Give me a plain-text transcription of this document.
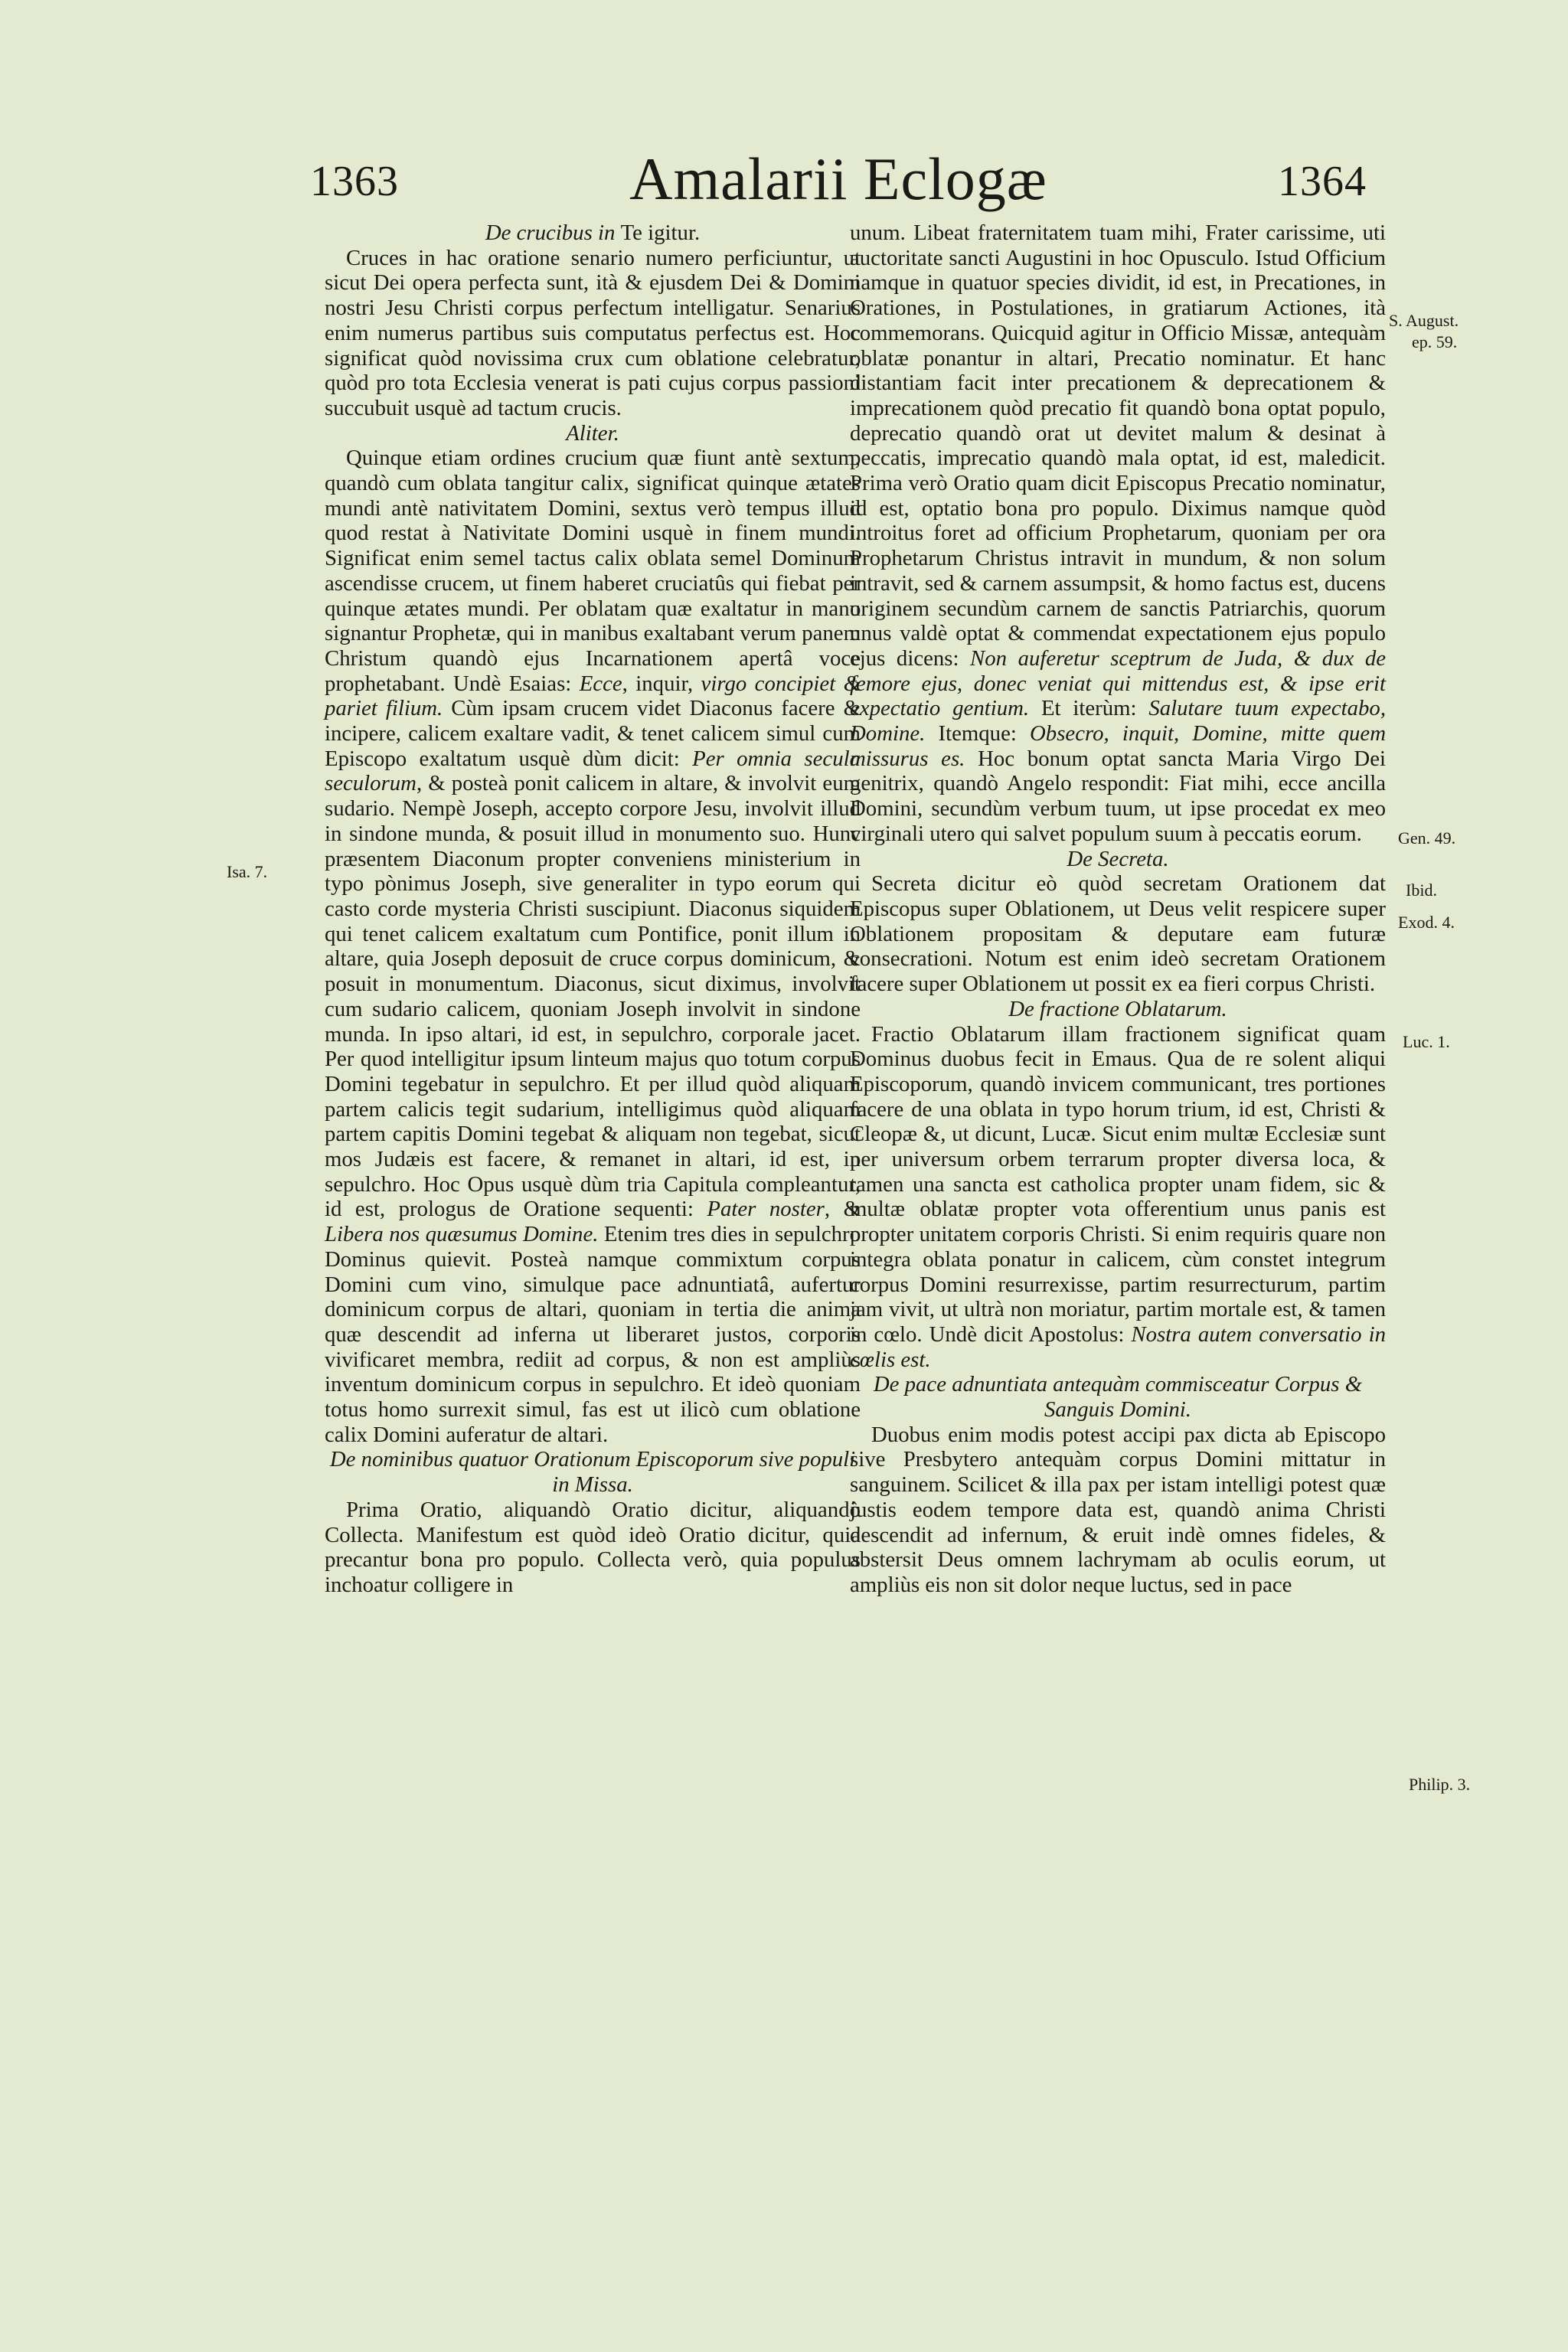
1363	Amalarii Eclogæ	1364
De crucibus in Te igitur.

Cruces in hac oratione senario numero perficiuntur, ut sicut Dei opera perfecta sunt, ità & ejusdem Dei & Domini nostri Jesu Christi corpus perfectum intelligatur. Senarius enim numerus partibus suis computatus perfectus est. Hoc significat quòd novissima crux cum oblatione celebratur, quòd pro tota Ecclesia venerat is pati cujus corpus passioni succubuit usquè ad tactum crucis.

Aliter.

Quinque etiam ordines crucium quæ fiunt antè sextum, quandò cum oblata tangitur calix, significat quinque ætates mundi antè nativitatem Domini, sextus verò tempus illud quod restat à Nativitate Domini usquè in finem mundi. Significat enim semel tactus calix oblata semel Dominum ascendisse crucem, ut finem haberet cruciatûs qui fiebat per quinque ætates mundi. Per oblatam quæ exaltatur in manu signantur Prophetæ, qui in manibus exaltabant verum panem Christum quandò ejus Incarnationem apertâ voce prophetabant. Undè Esaias: Ecce, inquir, virgo concipiet & pariet filium. Cùm ipsam crucem videt Diaconus facere & incipere, calicem exaltare vadit, & tenet calicem simul cum Episcopo exaltatum usquè dùm dicit: Per omnia secula seculorum, & posteà ponit calicem in altare, & involvit eum sudario. Nempè Joseph, accepto corpore Jesu, involvit illud in sindone munda, & posuit illud in monumento suo. Hunc præsentem Diaconum propter conveniens ministerium in typo pònimus Joseph, sive generaliter in typo eorum qui casto corde mysteria Christi suscipiunt. Diaconus siquidem qui tenet calicem exaltatum cum Pontifice, ponit illum in altare, quia Joseph deposuit de cruce corpus dominicum, & posuit in monumentum. Diaconus, sicut diximus, involvit cum sudario calicem, quoniam Joseph involvit in sindone munda. In ipso altari, id est, in sepulchro, corporale jacet. Per quod intelligitur ipsum linteum majus quo totum corpus Domini tegebatur in sepulchro. Et per illud quòd aliquam partem calicis tegit sudarium, intelligimus quòd aliquam partem capitis Domini tegebat & aliquam non tegebat, sicut mos Judæis est facere, & remanet in altari, id est, in sepulchro. Hoc Opus usquè dùm tria Capitula compleantur, id est, prologus de Oratione sequenti: Pater noster, & Libera nos quæsumus Domine. Etenim tres dies in sepulchro Dominus quievit. Posteà namque commixtum corpus Domini cum vino, simulque pace adnuntiatâ, aufertur dominicum corpus de altari, quoniam in tertia die anima quæ descendit ad inferna ut liberaret justos, corporis vivificaret membra, rediit ad corpus, & non est ampliùs inventum dominicum corpus in sepulchro. Et ideò quoniam totus homo surrexit simul, fas est ut ilicò cum oblatione calix Domini auferatur de altari.

De nominibus quatuor Orationum Episcoporum sive populi in Missa.

Prima Oratio, aliquandò Oratio dicitur, aliquandò Collecta. Manifestum est quòd ideò Oratio dicitur, quia precantur bona pro populo. Collecta verò, quia populus inchoatur colligere in

unum. Libeat fraternitatem tuam mihi, Frater carissime, uti auctoritate sancti Augustini in hoc Opusculo. Istud Officium namque in quatuor species dividit, id est, in Precationes, in Orationes, in Postulationes, in gratiarum Actiones, ità commemorans. Quicquid agitur in Officio Missæ, antequàm oblatæ ponantur in altari, Precatio nominatur. Et hanc distantiam facit inter precationem & deprecationem & imprecationem quòd precatio fit quandò bona optat populo, deprecatio quandò orat ut devitet malum & desinat à peccatis, imprecatio quandò mala optat, id est, maledicit. Prima verò Oratio quam dicit Episcopus Precatio nominatur, id est, optatio bona pro populo. Diximus namque quòd introitus foret ad officium Prophetarum, quoniam per ora Prophetarum Christus intravit in mundum, & non solum intravit, sed & carnem assumpsit, & homo factus est, ducens originem secundùm carnem de sanctis Patriarchis, quorum unus valdè optat & commendat expectationem ejus populo ejus dicens: Non auferetur sceptrum de Juda, & dux de femore ejus, donec veniat qui mittendus est, & ipse erit expectatio gentium. Et iterùm: Salutare tuum expectabo, Domine. Itemque: Obsecro, inquit, Domine, mitte quem missurus es. Hoc bonum optat sancta Maria Virgo Dei genitrix, quandò Angelo respondit: Fiat mihi, ecce ancilla Domini, secundùm verbum tuum, ut ipse procedat ex meo virginali utero qui salvet populum suum à peccatis eorum.

De Secreta.

Secreta dicitur eò quòd secretam Orationem dat Episcopus super Oblationem, ut Deus velit respicere super Oblationem propositam & deputare eam futuræ consecrationi. Notum est enim ideò secretam Orationem facere super Oblationem ut possit ex ea fieri corpus Christi.

De fractione Oblatarum.

Fractio Oblatarum illam fractionem significat quam Dominus duobus fecit in Emaus. Qua de re solent aliqui Episcoporum, quandò invicem communicant, tres portiones facere de una oblata in typo horum trium, id est, Christi & Cleopæ &, ut dicunt, Lucæ. Sicut enim multæ Ecclesiæ sunt per universum orbem terrarum propter diversa loca, & tamen una sancta est catholica propter unam fidem, sic & multæ oblatæ propter vota offerentium unus panis est propter unitatem corporis Christi. Si enim requiris quare non integra oblata ponatur in calicem, cùm constet integrum corpus Domini resurrexisse, partim resurrecturum, partim jam vivit, ut ultrà non moriatur, partim mortale est, & tamen in cœlo. Undè dicit Apostolus: Nostra autem conversatio in cœlis est.

De pace adnuntiata antequàm commisceatur Corpus & Sanguis Domini.

Duobus enim modis potest accipi pax dicta ab Episcopo sive Presbytero antequàm corpus Domini mittatur in sanguinem. Scilicet & illa pax per istam intelligi potest quæ justis eodem tempore data est, quandò anima Christi descendit ad infernum, & eruit indè omnes fideles, & abstersit Deus omnem lachrymam ab oculis eorum, ut ampliùs eis non sit dolor neque luctus, sed in pace

Isa. 7.
S. August.
ep. 59.
Gen. 49.
Ibid.
Exod. 4.
Luc. 1.
Philip. 3.
